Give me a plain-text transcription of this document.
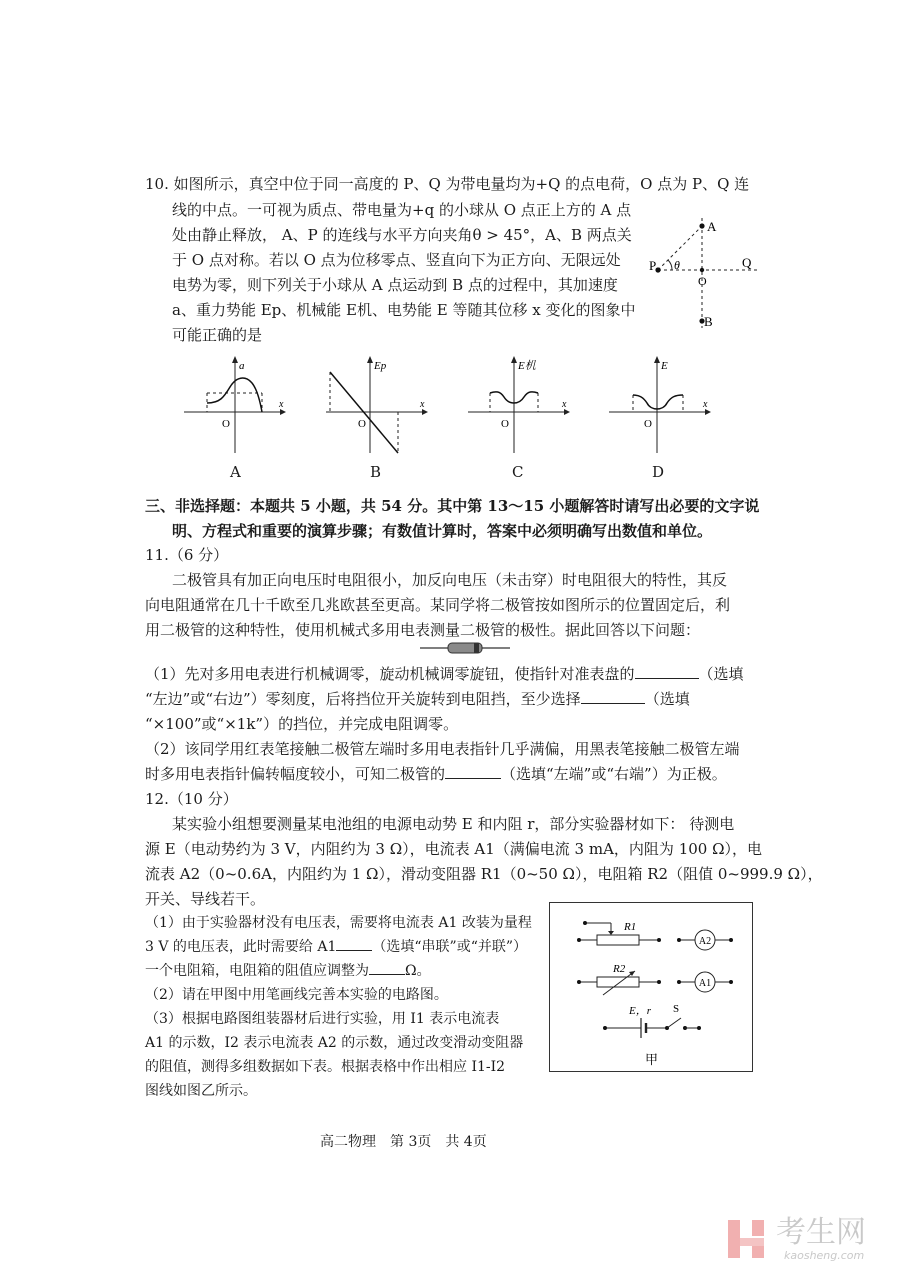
10. 如图所示，真空中位于同一高度的 P、Q 为带电量均为+Q 的点电荷，O 点为 P、Q 连
线的中点。一可视为质点、带电量为+q 的小球从 O 点正上方的 A 点
处由静止释放， A、P 的连线与水平方向夹角θ > 45°，A、B 两点关
于 O 点对称。若以 O 点为位移零点、竖直向下为正方向、无限远处
电势为零，则下列关于小球从 A 点运动到 B 点的过程中，其加速度
a、重力势能 Ep、机械能 E机、电势能 E 等随其位移 x 变化的图象中
可能正确的是
A
P θ	Q
O
B
a
x
O
A
Ep
x
O
B
E机
x
O
C
E
x
O
D
三、非选择题：本题共 5 小题，共 54 分。其中第 13～15 小题解答时请写出必要的文字说
明、方程式和重要的演算步骤；有数值计算时，答案中必须明确写出数值和单位。
11.（6 分）
二极管具有加正向电压时电阻很小，加反向电压（未击穿）时电阻很大的特性，其反
向电阻通常在几十千欧至几兆欧甚至更高。某同学将二极管按如图所示的位置固定后，利
用二极管的这种特性，使用机械式多用电表测量二极管的极性。据此回答以下问题：
（1）先对多用电表进行机械调零，旋动机械调零旋钮，使指针对准表盘的	（选填
“左边”或“右边”）零刻度，后将挡位开关旋转到电阻挡，至少选择	（选填
“×100”或“×1k”）的挡位，并完成电阻调零。
（2）该同学用红表笔接触二极管左端时多用电表指针几乎满偏，用黑表笔接触二极管左端
时多用电表指针偏转幅度较小，可知二极管的	（选填“左端”或“右端”）为正极。
12.（10 分）
某实验小组想要测量某电池组的电源电动势 E 和内阻 r，部分实验器材如下： 待测电
源 E（电动势约为 3 V，内阻约为 3 Ω），电流表 A1（满偏电流 3 mA，内阻为 100 Ω），电
流表 A2（0~0.6A，内阻约为 1 Ω），滑动变阻器 R1（0~50 Ω），电阻箱 R2（阻值 0~999.9 Ω），
开关、导线若干。
（1）由于实验器材没有电压表，需要将电流表 A1 改装为量程
3 V 的电压表，此时需要给 A1	（选填“串联”或“并联”）
一个电阻箱，电阻箱的阻值应调整为	Ω。
（2）请在甲图中用笔画线完善本实验的电路图。
（3）根据电路图组装器材后进行实验，用 I1 表示电流表
A1 的示数，I2 表示电流表 A2 的示数，通过改变滑动变阻器
的阻值，测得多组数据如下表。根据表格中作出相应 I1-I2
图线如图乙所示。
R1
A2
R2
A1
E，r S
甲
高二物理　第 3页　共 4页
考生网
kaosheng.com
